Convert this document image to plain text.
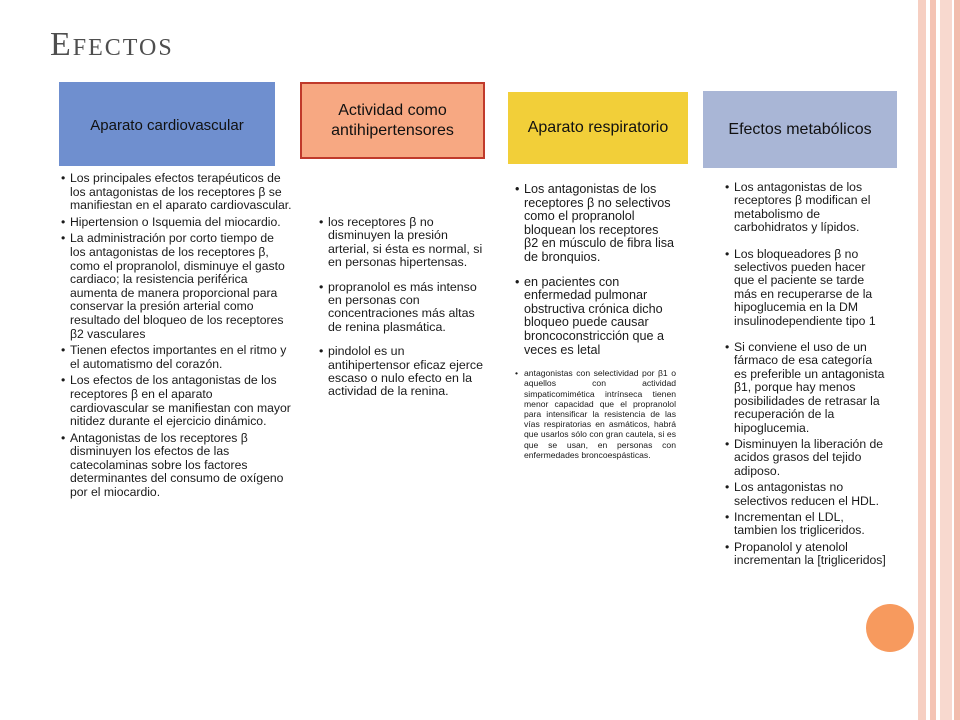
Efectos
Aparato cardiovascular
• Los principales efectos terapéuticos de los antagonistas de los receptores β se manifiestan en el aparato cardiovascular.
• Hipertension o Isquemia del miocardio.
• La administración por corto tiempo de los antagonistas de los receptores β, como el propranolol, disminuye el gasto cardiaco; la resistencia periférica aumenta de manera proporcional para conservar la presión arterial como resultado del bloqueo de los receptores β2 vasculares
• Tienen efectos importantes en el ritmo y el automatismo del corazón.
• Los efectos de los antagonistas de los receptores β en el aparato cardiovascular se manifiestan con mayor nitidez durante el ejercicio dinámico.
• Antagonistas de los receptores β disminuyen los efectos de las catecolaminas sobre los factores determinantes del consumo de oxígeno por el miocardio.
Actividad como antihipertensores
• los receptores β no disminuyen la presión arterial, si ésta es normal, si en personas hipertensas.
• propranolol es más intenso en personas con concentraciones más altas de renina plasmática.
• pindolol es un antihipertensor eficaz ejerce escaso o nulo efecto en la actividad de la renina.
Aparato respiratorio
• Los antagonistas de los receptores β no selectivos como el propranolol bloquean los receptores β2 en músculo de fibra lisa de bronquios.
• en pacientes con enfermedad pulmonar obstructiva crónica dicho bloqueo puede causar broncoconstricción que a veces es letal
• antagonistas con selectividad por β1 o aquellos con actividad simpaticomimética intrínseca tienen menor capacidad que el propranolol para intensificar la resistencia de las vías respiratorias en asmáticos, habrá que usarlos sólo con gran cautela, si es que se usan, en personas con enfermedades broncoespásticas.
Efectos metabólicos
• Los antagonistas de los receptores β modifican el metabolismo de carbohidratos y lípidos.
• Los bloqueadores β no selectivos pueden hacer que el paciente se tarde más en recuperarse de la hipoglucemia en la DM insulinodependiente tipo 1
• Si conviene el uso de un fármaco de esa categoría es preferible un antagonista β1, porque hay menos posibilidades de retrasar la recuperación de la hipoglucemia.
• Disminuyen la liberación de acidos grasos del tejido adiposo.
• Los antagonistas no selectivos reducen el HDL.
• Incrementan el LDL, tambien los trigliceridos.
• Propanolol y atenolol incrementan la [trigliceridos]
